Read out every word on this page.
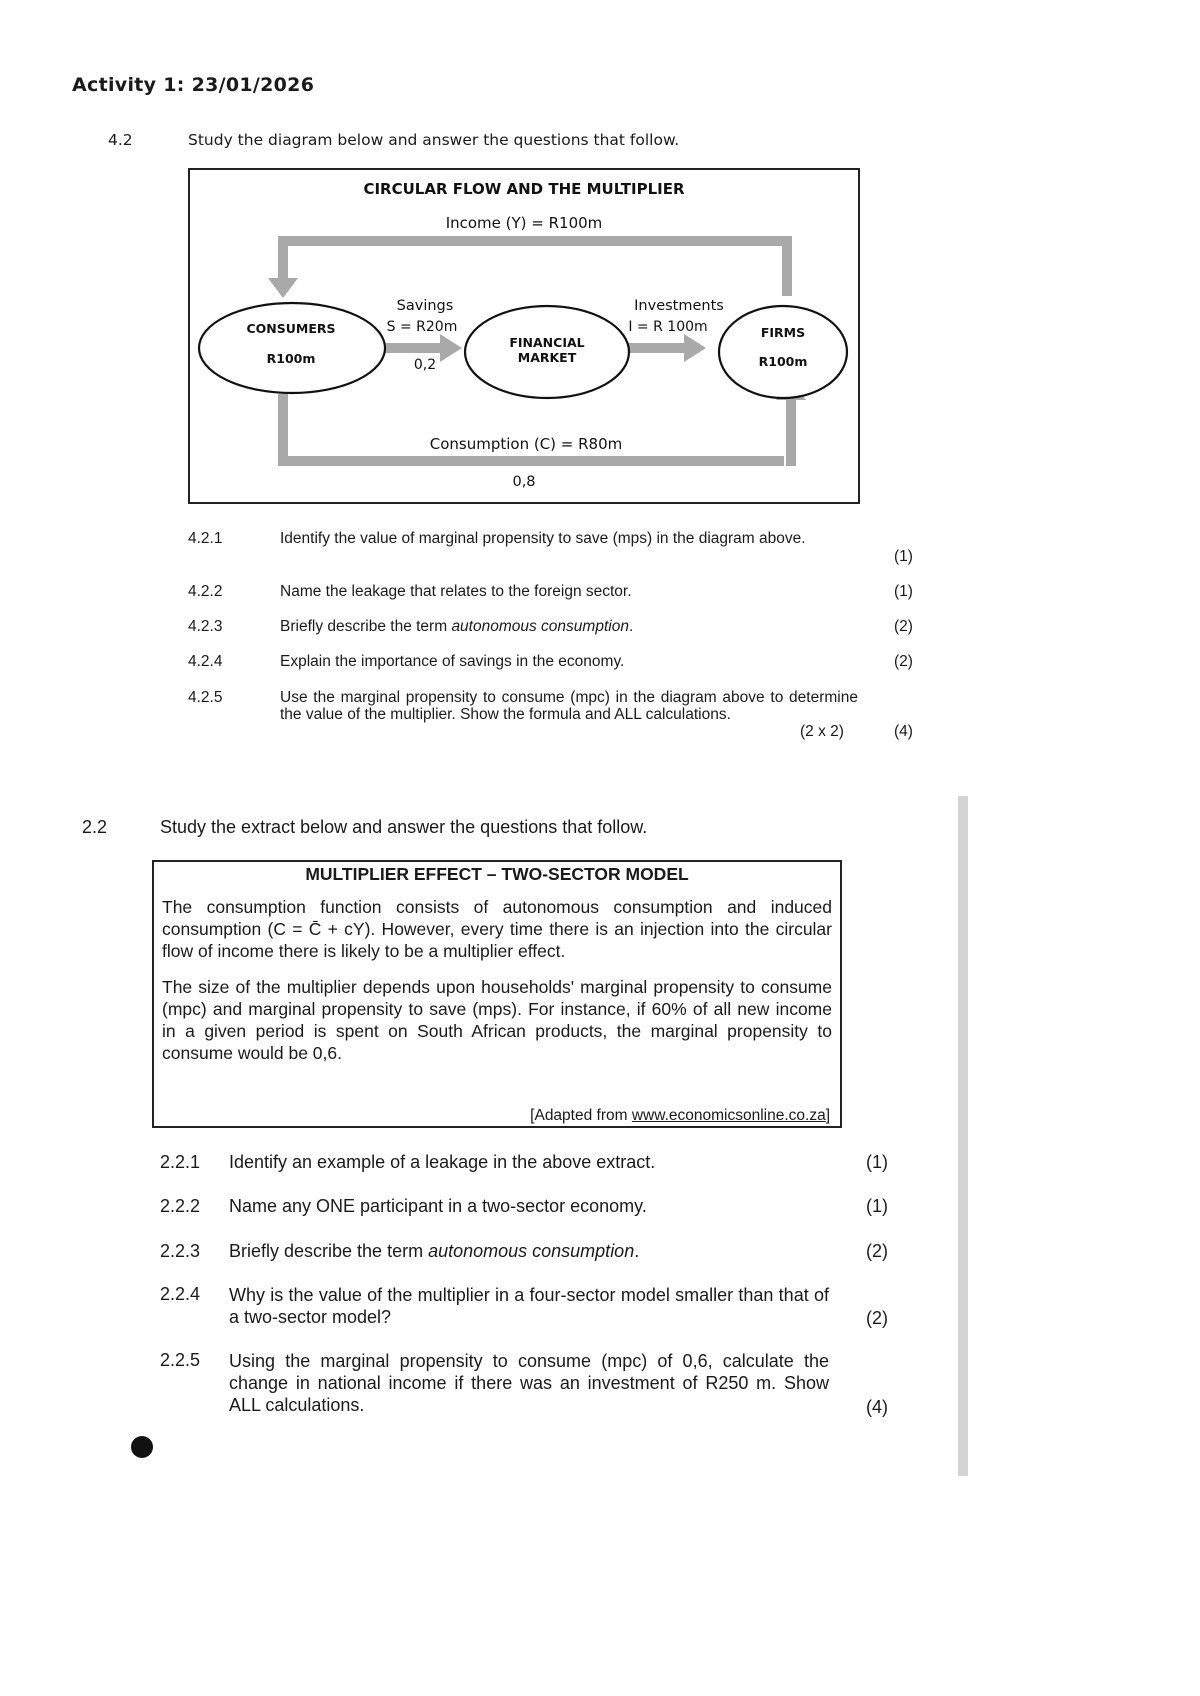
Activity 1: 23/01/2026
4.2	Study the diagram below and answer the questions that follow.
CIRCULAR FLOW AND THE MULTIPLIER
Income (Y) = R100m
CONSUMERS
R100m
FINANCIAL
MARKET
FIRMS
R100m
Savings
S = R20m
0,2
Investments
I = R 100m
Consumption (C) = R80m
0,8
4.2.1	Identify the value of marginal propensity to save (mps) in the diagram above.
(1)
4.2.2	Name the leakage that relates to the foreign sector.	(1)
4.2.3	Briefly describe the term autonomous consumption.	(2)
4.2.4	Explain the importance of savings in the economy.	(2)
4.2.5	Use the marginal propensity to consume (mpc) in the diagram above to determine the value of the multiplier. Show the formula and ALL calculations.
(2 x 2)	(4)
2.2	Study the extract below and answer the questions that follow.
MULTIPLIER EFFECT – TWO-SECTOR MODEL
The consumption function consists of autonomous consumption and induced consumption (C = C̄ + cY). However, every time there is an injection into the circular flow of income there is likely to be a multiplier effect.
The size of the multiplier depends upon households' marginal propensity to consume (mpc) and marginal propensity to save (mps). For instance, if 60% of all new income in a given period is spent on South African products, the marginal propensity to consume would be 0,6.
[Adapted from www.economicsonline.co.za]
2.2.1 Identify an example of a leakage in the above extract.	(1)
2.2.2 Name any ONE participant in a two-sector economy.	(1)
2.2.3 Briefly describe the term autonomous consumption.	(2)
2.2.4 Why is the value of the multiplier in a four-sector model smaller than that of a two-sector model?	(2)
2.2.5 Using the marginal propensity to consume (mpc) of 0,6, calculate the change in national income if there was an investment of R250 m. Show ALL calculations.	(4)
